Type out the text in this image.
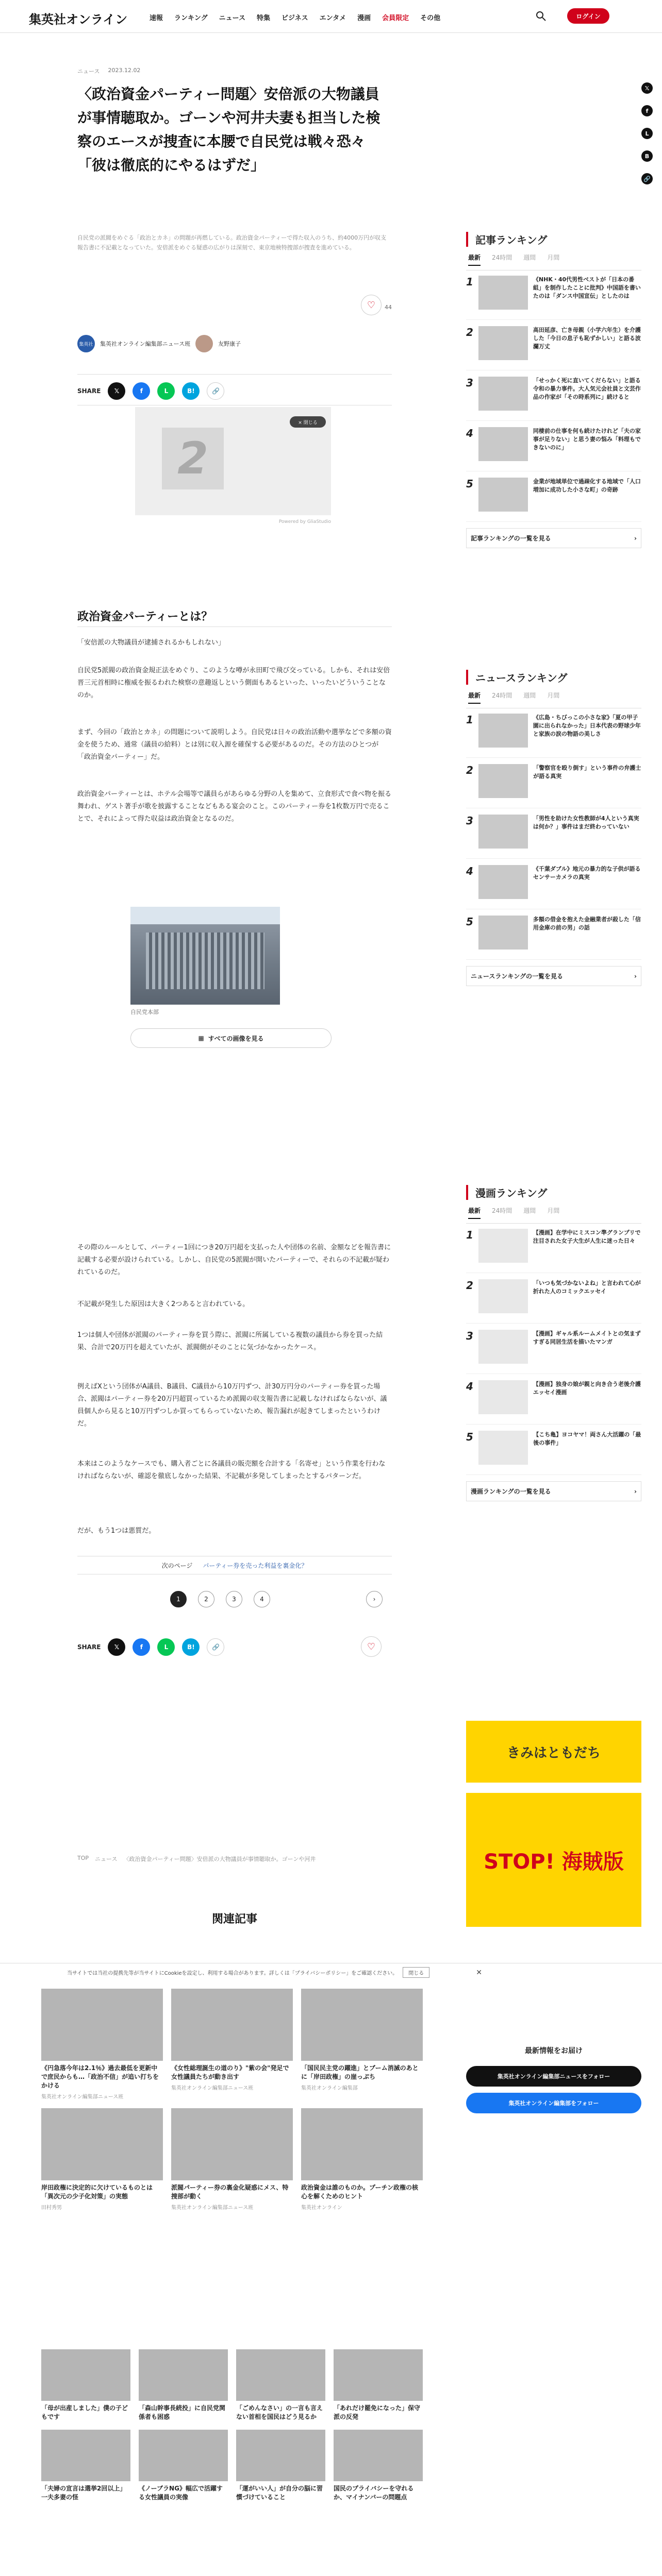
集英社オンライン	速報 ランキング ニュース 特集 ビジネス エンタメ 漫画 会員限定 その他	ログイン
𝕏
f
L
B
🔗
ニュース 2023.12.02
〈政治資金パーティー問題〉安倍派の大物議員が事情聴取か。ゴーンや河井夫妻も担当した検察のエースが捜査に本腰で自民党は戦々恐々「彼は徹底的にやるはずだ」
自民党の派閥をめぐる「政治とカネ」の問題が再燃している。政治資金パーティーで得た収入のうち、約4000万円が収支報告書に不記載となっていた。安倍派をめぐる疑惑の広がりは深刻で、東京地検特捜部が捜査を進めている。
♡	44
集英社	集英社オンライン編集部ニュース班	友野康子
SHARE	𝕏	f	L	B!	🔗
2
× 閉じる
Powered by GliaStudio
政治資金パーティーとは？

「安倍派の大物議員が逮捕されるかもしれない」

自民党5派閥の政治資金規正法をめぐり、このような噂が永田町で飛び交っている。しかも、それは安倍晋三元首相時に権威を振るわれた検察の意趣返しという側面もあるといった、いったいどういうことなのか。

まず、今回の「政治とカネ」の問題について説明しよう。自民党は日々の政治活動や選挙などで多額の資金を使うため、通常（議員の給料）とは別に収入源を確保する必要があるのだ。その方法のひとつが「政治資金パーティー」だ。

政治資金パーティーとは、ホテル会場等で議員らがあらゆる分野の人を集めて、立食形式で食べ物を振る舞われ、ゲスト著手が歌を披露することなどもある宴会のこと。このパーティー券を1枚数万円で売ることで、それによって得た収益は政治資金となるのだ。

自民党本部
▦ すべての画像を見る

その際のルールとして、パーティー1回につき20万円超を支払った人や団体の名前、金額などを報告書に記載する必要が設けられている。しかし、自民党の5派閥が開いたパーティーで、それらの不記載が疑われているのだ。

不記載が発生した原因は大きく2つあると言われている。

1つは個人や団体が派閥のパーティー券を買う際に、派閥に所属している複数の議員から券を買った結果、合計で20万円を超えていたが、派閥側がそのことに気づかなかったケース。

例えばXという団体がA議員、B議員、C議員から10万円ずつ、計30万円分のパーティー券を買った場合、派閥はパーティー券を20万円超買っているため派閥の収支報告書に記載しなければならないが、議員個人から見ると10万円ずつしか買ってもらっていないため、報告漏れが起きてしまったというわけだ。

本来はこのようなケースでも、購入者ごとに各議員の販売額を合計する「名寄せ」という作業を行わなければならないが、確認を徹底しなかった結果、不記載が多発してしまったとするパターンだ。

だが、もう1つは悪質だ。

次のページ パーティー券を売った利益を裏金化？
1	2	3	4	›
SHARE	𝕏	f	L	B!	🔗	♡
TOP ニュース 〈政治資金パーティー問題〉安倍派の大物議員が事情聴取か。ゴーンや河井
関連記事
当サイトでは当社の提携先等が当サイトにCookieを設定し、利用する場合があります。詳しくは「プライバシーポリシー」をご確認ください。	閉じる	✕
《円急落今年は2.1％》過去最低を更新中で庶民からも…「政治不信」が追い打ちをかける
集英社オンライン編集部ニュース班
《女性総理誕生の道のり》"紫の会"発足で女性議員たちが動き出す
集英社オンライン編集部ニュース班
「国民民主党の躍進」とブーム消滅のあとに「岸田政権」の崖っぷち
集英社オンライン編集部
岸田政権に決定的に欠けているものとは「異次元の少子化対策」の実態
田村秀男
派閥パーティー券の裏金化疑惑にメス、特捜部が動く
集英社オンライン編集部ニュース班
政治資金は誰のものか。プーチン政権の核心を解くためのヒント
集英社オンライン
「母が出産しました」僕の子どもです
「森山幹事長続投」に自民党関係者も困惑
「ごめんなさい」の一言も言えない首相を国民はどう見るか
「あれだけ罷免になった」保守派の反発
「夫婦の宣言は選挙2回以上」一夫多妻の怪
《ノーブラNG》幅広で活躍する女性議員の実像
「運がいい人」が自分の脳に習慣づけていること
国民のプライバシーを守れるか、マイナンバーの問題点
記事ランキング
最新 24時間 週間 月間
1	《NHK・40代男性ベストが「日本の番組」を制作したことに批判》中国語を書いたのは「ダンス中国宣伝」としたのは
2	高田延彦、亡き母親（小学六年生）を介護した「今日の息子も恥ずかしい」と語る波瀾万丈
3	「せっかく死に直いてくだらない」と語る令和の暴力事件。大人気元会社員と文芸作品の作家が「その時系列に」続けると
4	同棲前の仕事を何も続けたけれど「夫の家事が足りない」と思う妻の悩み「料理もできないのに」
5	金業が地域単位で過疎化する地域で「人口増加に成功した小さな町」の奇跡
記事ランキングの一覧を見る	›
ニュースランキング
最新 24時間 週間 月間
1	《広島・ちびっこの小さな家》「夏の甲子園に出られなかった」日本代表の野球少年と家族の涙の物語の美しさ
2	「警察官を殴り倒す」という事件の弁護士が語る真実
3	「男性を助けた女性教師が4人という真実は何か？」事件はまだ終わっていない
4	《千葉ダブル》地元の暴力的な子供が語るセンサーカメラの真実
5	多額の借金を抱えた金融業者が殺した「信用金庫の前の男」の話
ニュースランキングの一覧を見る	›
漫画ランキング
最新 24時間 週間 月間
1	【漫画】在学中にミスコン準グランプリで注目された女子大生が人生に迷った日々
2	「いつも気づかないよね」と言われて心が折れた人のコミックエッセイ
3	【漫画】ギャル系ルームメイトとの気まずすぎる同居生活を描いたマンガ
4	【漫画】独身の娘が親と向き合う老後介護エッセイ漫画
5	【こち亀】ヨコヤマ！両さん大活躍の「最後の事件」
漫画ランキングの一覧を見る	›
きみはともだち
STOP! 海賊版
最新情報をお届け
集英社オンライン編集部ニュースをフォロー
集英社オンライン編集部をフォロー
